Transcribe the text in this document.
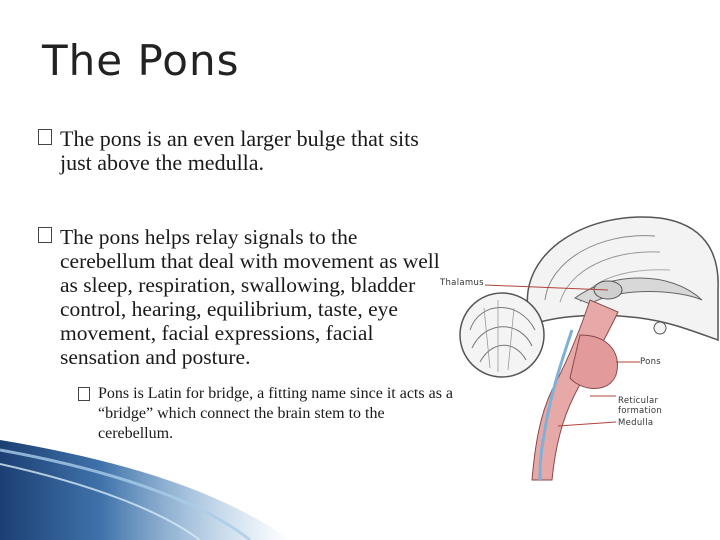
The Pons
The pons is an even larger bulge that sits just above the medulla.
The pons helps relay signals to the cerebellum that deal with movement as well as sleep, respiration, swallowing, bladder control, hearing, equilibrium, taste, eye movement, facial expressions, facial sensation and posture.
Pons is Latin for bridge, a fitting name since it acts as a “bridge” which connect the brain stem to the cerebellum.
Thalamus
Pons
Reticular formation
Medulla
